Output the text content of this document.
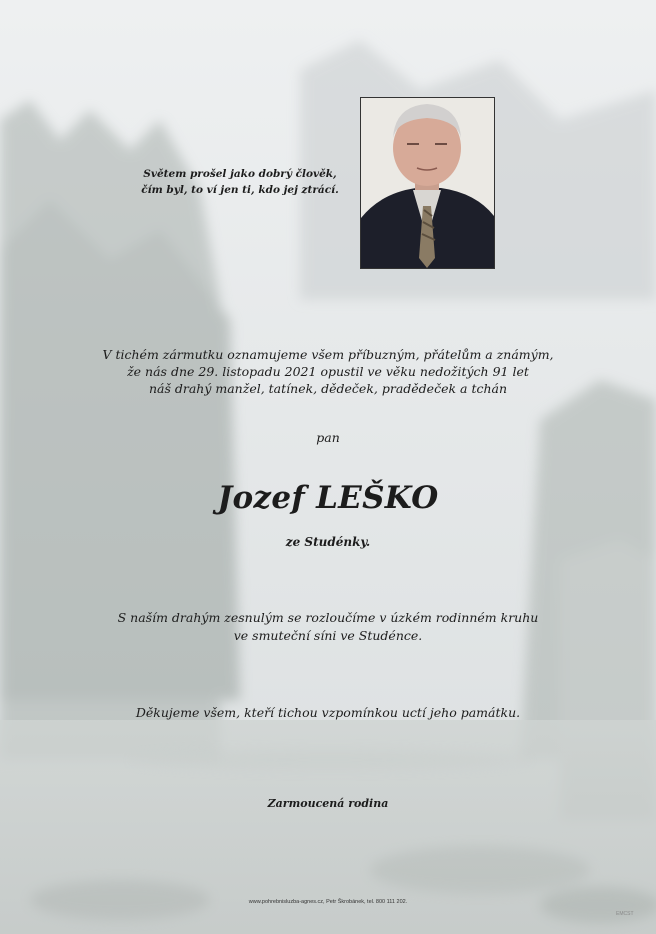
Světem prošel jako dobrý člověk,
čím byl, to ví jen ti, kdo jej ztrácí.
V tichém zármutku oznamujeme všem příbuzným, přátelům a známým,
že nás dne 29. listopadu 2021 opustil ve věku nedožitých 91 let
náš drahý manžel, tatínek, dědeček, pradědeček a tchán
pan
Jozef LEŠKO
ze Studénky.
S naším drahým zesnulým se rozloučíme v úzkém rodinném kruhu
ve smuteční síni ve Studénce.
Děkujeme všem, kteří tichou vzpomínkou uctí jeho památku.
Zarmoucená rodina
www.pohrebnisluzba-agnes.cz, Petr Škrobánek, tel. 800 111 202.
EMCST
